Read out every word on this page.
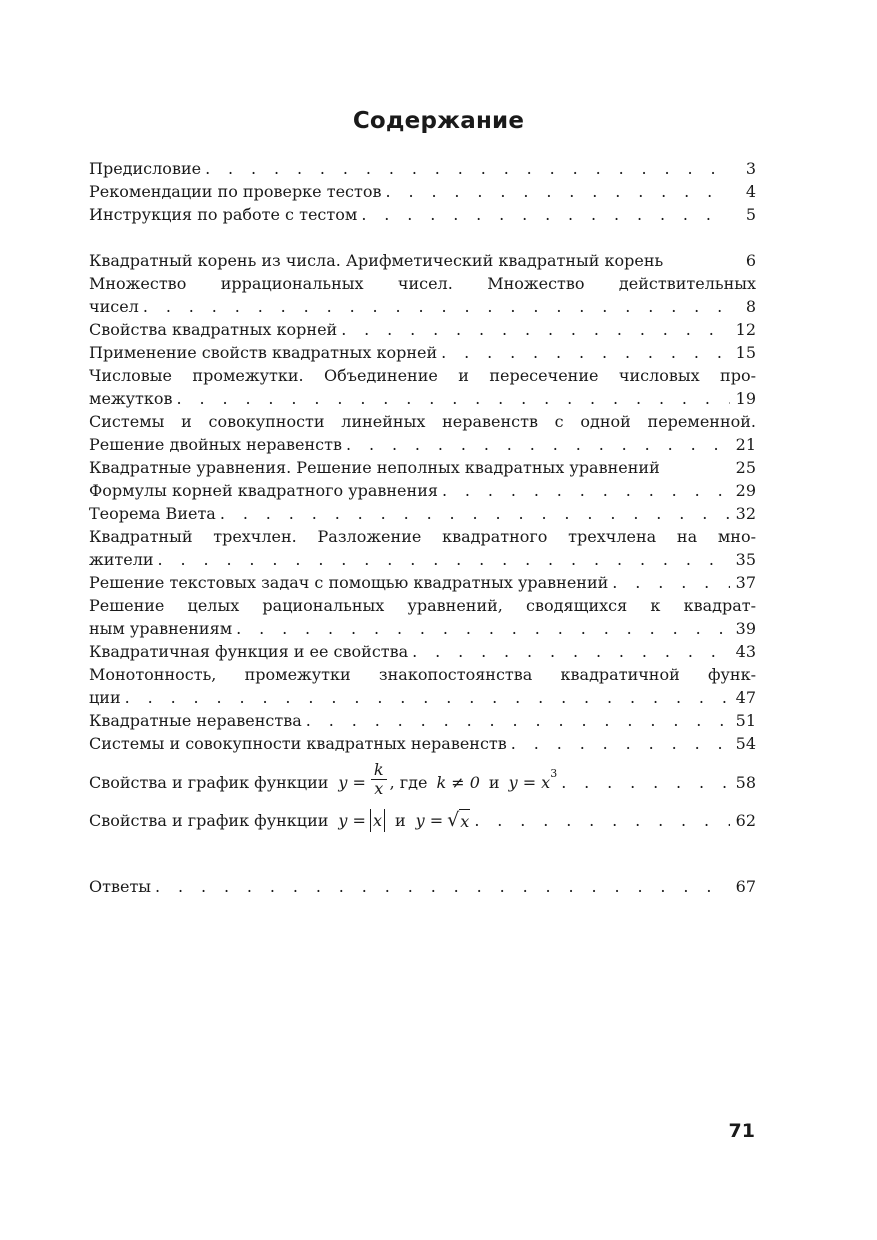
Содержание
Предисловие . . .	3
Рекомендации по проверке тестов . . .	4
Инструкция по работе с тестом . . .	5
Квадратный корень из числа. Арифметический квадратный корень	6
Множество иррациональных чисел. Множество действительных
чисел . . .	8
Свойства квадратных корней . . .	12
Применение свойств квадратных корней . . .	15
Числовые промежутки. Объединение и пересечение числовых про-
межутков . . .	19
Системы и совокупности линейных неравенств с одной переменной.
Решение двойных неравенств . . .	21
Квадратные уравнения. Решение неполных квадратных уравнений	25
Формулы корней квадратного уравнения . . .	29
Теорема Виета . . .	32
Квадратный трехчлен. Разложение квадратного трехчлена на мно-
жители . . .	35
Решение текстовых задач с помощью квадратных уравнений . . .	37
Решение целых рациональных уравнений, сводящихся к квадрат-
ным уравнениям . . .	39
Квадратичная функция и ее свойства . . .	43
Монотонность, промежутки знакопостоянства квадратичной функ-
ции . . .	47
Квадратные неравенства . . .	51
Системы и совокупности квадратных неравенств . . .	54
Свойства и график функции $y = \frac{k}{x}$ , где k ≠ 0 и $y = x^3$ . . .	58
Свойства и график функции y = x и y = √ x . . .	62
Ответы . . .	67
71
